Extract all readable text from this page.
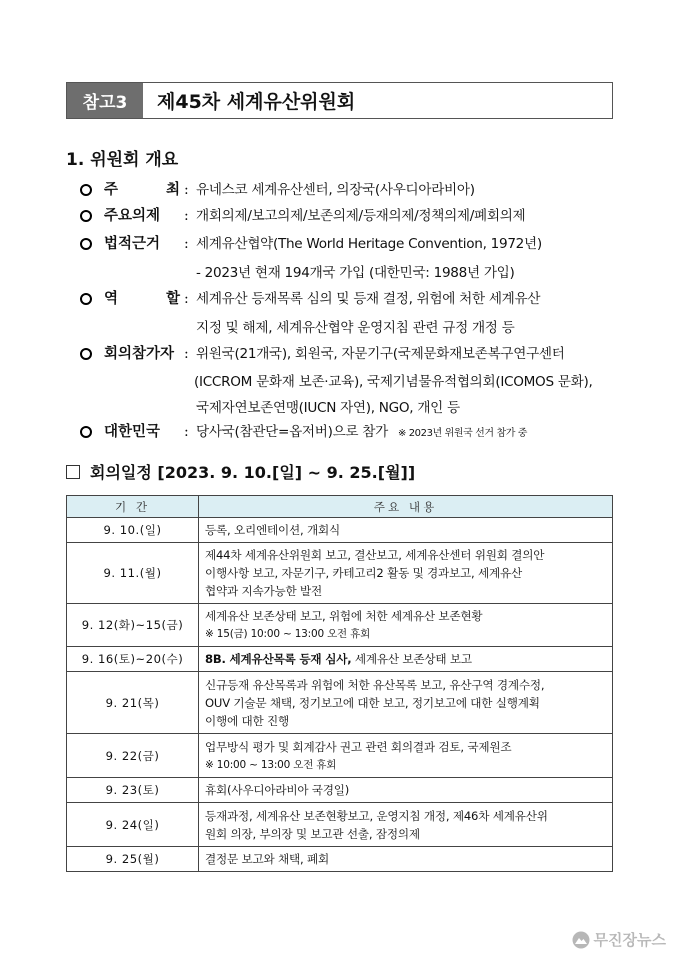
참고3	제45차 세계유산위원회
1. 위원회 개요
주	최 : 유네스코 세계유산센터, 의장국(사우디아라비아)
주요의제	: 개회의제/보고의제/보존의제/등재의제/정책의제/폐회의제
법적근거	: 세계유산협약(The World Heritage Convention, 1972년)
- 2023년 현재 194개국 가입 (대한민국: 1988년 가입)
역	할 : 세계유산 등재목록 심의 및 등재 결정, 위험에 처한 세계유산
지정 및 해제, 세계유산협약 운영지침 관련 규정 개정 등
회의참가자 : 위원국(21개국), 회원국, 자문기구(국제문화재보존복구연구센터
(ICCROM 문화재 보존·교육), 국제기념물유적협의회(ICOMOS 문화),
국제자연보존연맹(IUCN 자연), NGO, 개인 등
대한민국	: 당사국(참관단=옵저버)으로 참가 ※ 2023년 위원국 선거 참가 중
회의일정 [2023. 9. 10.[일] ~ 9. 25.[월]]
기 간	주요 내용
9. 10.(일)	등록, 오리엔테이션, 개회식
9. 11.(월)	제44차 세계유산위원회 보고, 결산보고, 세계유산센터 위원회 결의안
이행사항 보고, 자문기구, 카테고리2 활동 및 경과보고, 세계유산
협약과 지속가능한 발전

9. 12(화)~15(금)	세계유산 보존상태 보고, 위험에 처한 세계유산 보존현황
※ 15(금) 10:00 ~ 13:00 오전 휴회

9. 16(토)~20(수)	8B. 세계유산목록 등재 심사, 세계유산 보존상태 보고
9. 21(목)	신규등재 유산목록과 위험에 처한 유산목록 보고, 유산구역 경계수정,
OUV 기술문 채택, 정기보고에 대한 보고, 정기보고에 대한 실행계획
이행에 대한 진행

9. 22(금)	업무방식 평가 및 회계감사 권고 관련 회의결과 검토, 국제원조
※ 10:00 ~ 13:00 오전 휴회

9. 23(토)	휴회(사우디아라비아 국경일)
9. 24(일)	등재과정, 세계유산 보존현황보고, 운영지침 개정, 제46차 세계유산위
원회 의장, 부의장 및 보고관 선출, 잠정의제

9. 25(월)	결정문 보고와 채택, 폐회
무진장뉴스
